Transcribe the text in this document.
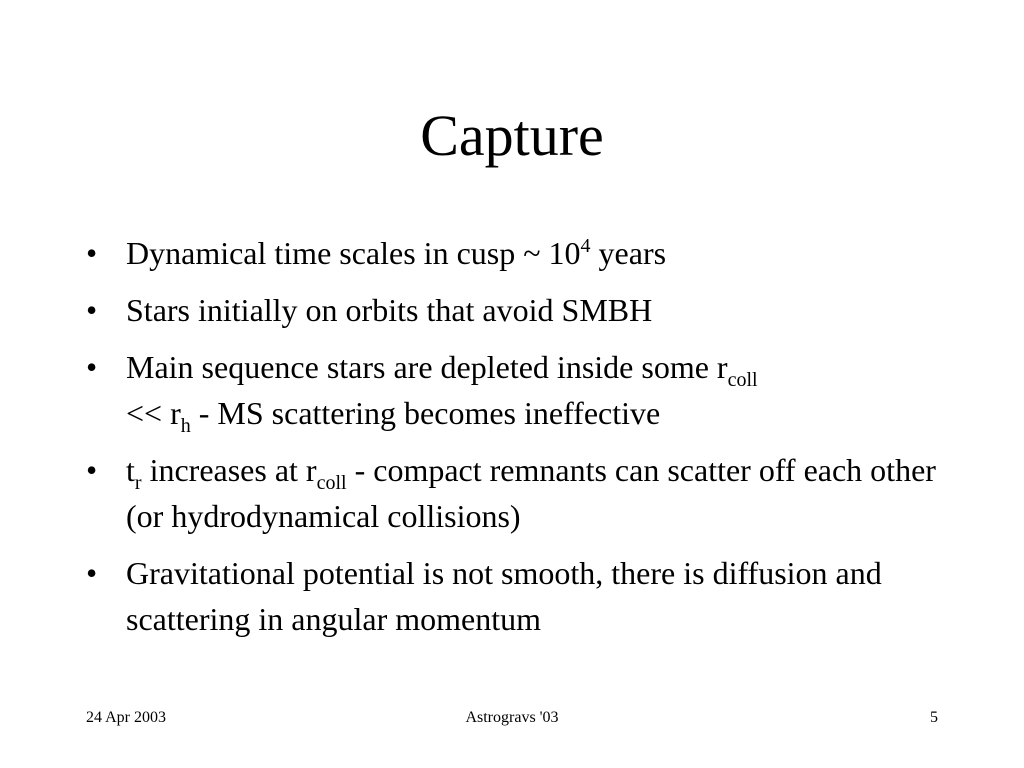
Capture
• Dynamical time scales in cusp ~ $10^4$ years
• Stars initially on orbits that avoid SMBH
• Main sequence stars are depleted inside some $r_{coll}$
<< $r_h$ - MS scattering becomes ineffective
• $t_r$ increases at $r_{coll}$ - compact remnants can scatter off each other (or hydrodynamical collisions)
• Gravitational potential is not smooth, there is diffusion and scattering in angular momentum
24 Apr 2003	Astrogravs '03	5
